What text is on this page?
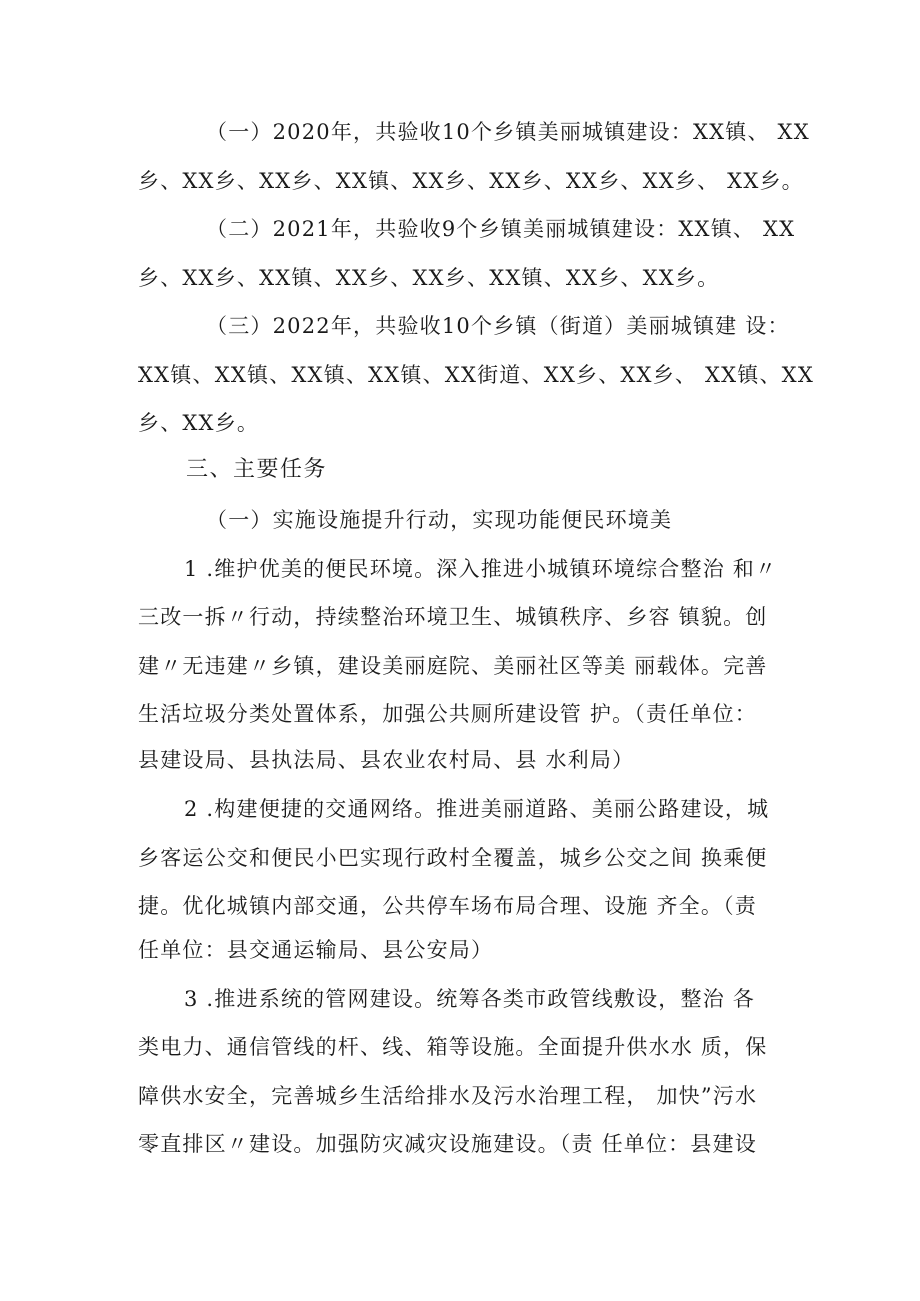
（一）2020年，共验收10个乡镇美丽城镇建设：XX镇、 XX
乡、XX乡、XX乡、XX镇、XX乡、XX乡、XX乡、XX乡、 XX乡。
（二）2021年，共验收9个乡镇美丽城镇建设：XX镇、 XX
乡、XX乡、XX镇、XX乡、XX乡、XX镇、XX乡、XX乡。
（三）2022年，共验收10个乡镇（街道）美丽城镇建 设：
XX镇、XX镇、XX镇、XX镇、XX街道、XX乡、XX乡、 XX镇、XX
乡、XX乡。
三、主要任务
（一）实施设施提升行动，实现功能便民环境美
1 .维护优美的便民环境。深入推进小城镇环境综合整治 和〃
三改一拆〃行动，持续整治环境卫生、城镇秩序、乡容 镇貌。创
建〃无违建〃乡镇，建设美丽庭院、美丽社区等美 丽载体。完善
生活垃圾分类处置体系，加强公共厕所建设管 护。（责任单位：
县建设局、县执法局、县农业农村局、县 水利局）
2 .构建便捷的交通网络。推进美丽道路、美丽公路建设，城
乡客运公交和便民小巴实现行政村全覆盖，城乡公交之间 换乘便
捷。优化城镇内部交通，公共停车场布局合理、设施 齐全。（责
任单位：县交通运输局、县公安局）
3 .推进系统的管网建设。统筹各类市政管线敷设，整治 各
类电力、通信管线的杆、线、箱等设施。全面提升供水水 质，保
障供水安全，完善城乡生活给排水及污水治理工程， 加快”污水
零直排区〃建设。加强防灾减灾设施建设。（责 任单位：县建设
